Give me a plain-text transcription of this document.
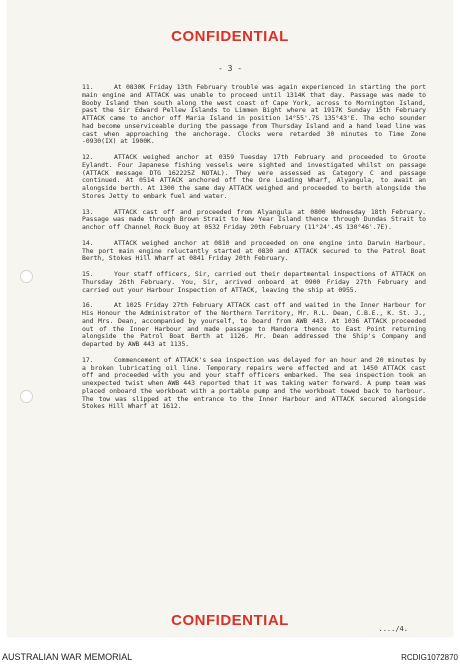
CONFIDENTIAL
- 3 -

11.	At 0830K Friday 13th February trouble was again experienced in starting the port main engine and ATTACK was unable to proceed until 1314K that day. Passage was made to Booby Island then south along the west coast of Cape York, across to Mornington Island, past the Sir Edward Pellew Islands to Limmen Bight where at 1917K Sunday 15th February ATTACK came to anchor off Maria Island in position 14°55'.7S 135°43'E. The echo sounder had become unserviceable during the passage from Thursday Island and a hand lead line was cast when approaching the anchorage. Clocks were retarded 30 minutes to Time Zone -0930(IX) at 1900K.

12.	ATTACK weighed anchor at 0359 Tuesday 17th February and proceeded to Groote Eylandt. Four Japanese fishing vessels were sighted and investigated whilst on passage (ATTACK message DTG 162225Z NOTAL). They were assessed as Category C and passage continued. At 0514 ATTACK anchored off the Ore Loading Wharf, Alyangula, to await an alongside berth. At 1300 the same day ATTACK weighed and proceeded to berth alongside the Stores Jetty to embark fuel and water.

13.	ATTACK cast off and proceeded from Alyangula at 0800 Wednesday 18th February. Passage was made through Brown Strait to New Year Island thence through Dundas Strait to anchor off Channel Rock Buoy at 0532 Friday 20th February (11°24'.4S 130°46'.7E).

14.	ATTACK weighed anchor at 0810 and proceeded on one engine into Darwin Harbour. The port main engine reluctantly started at 0830 and ATTACK secured to the Patrol Boat Berth, Stokes Hill Wharf at 0841 Friday 20th February.

15.	Your staff officers, Sir, carried out their departmental inspections of ATTACK on Thursday 26th February. You, Sir, arrived onboard at 0900 Friday 27th February and carried out your Harbour Inspection of ATTACK, leaving the ship at 0955.

16.	At 1025 Friday 27th February ATTACK cast off and waited in the Inner Harbour for His Honour the Administrator of the Northern Territory, Mr. R.L. Dean, C.B.E., K. St. J., and Mrs. Dean, accompanied by yourself, to board from AWB 443. At 1036 ATTACK proceeded out of the Inner Harbour and made passage to Mandora thence to East Point returning alongside the Patrol Boat Berth at 1126. Mr. Dean addressed the Ship's Company and departed by AWB 443 at 1135.

17.	Commencement of ATTACK's sea inspection was delayed for an hour and 20 minutes by a broken lubricating oil line. Temporary repairs were effected and at 1450 ATTACK cast off and proceeded with you and your staff officers embarked. The sea inspection took an unexpected twist when AWB 443 reported that it was taking water forward. A pump team was placed onboard the workboat with a portable pump and the workboat towed back to harbour. The tow was slipped at the entrance to the Inner Harbour and ATTACK secured alongside Stokes Hill Wharf at 1612.

CONFIDENTIAL	..../4.
AUSTRALIAN WAR MEMORIAL	RCDIG1072870
